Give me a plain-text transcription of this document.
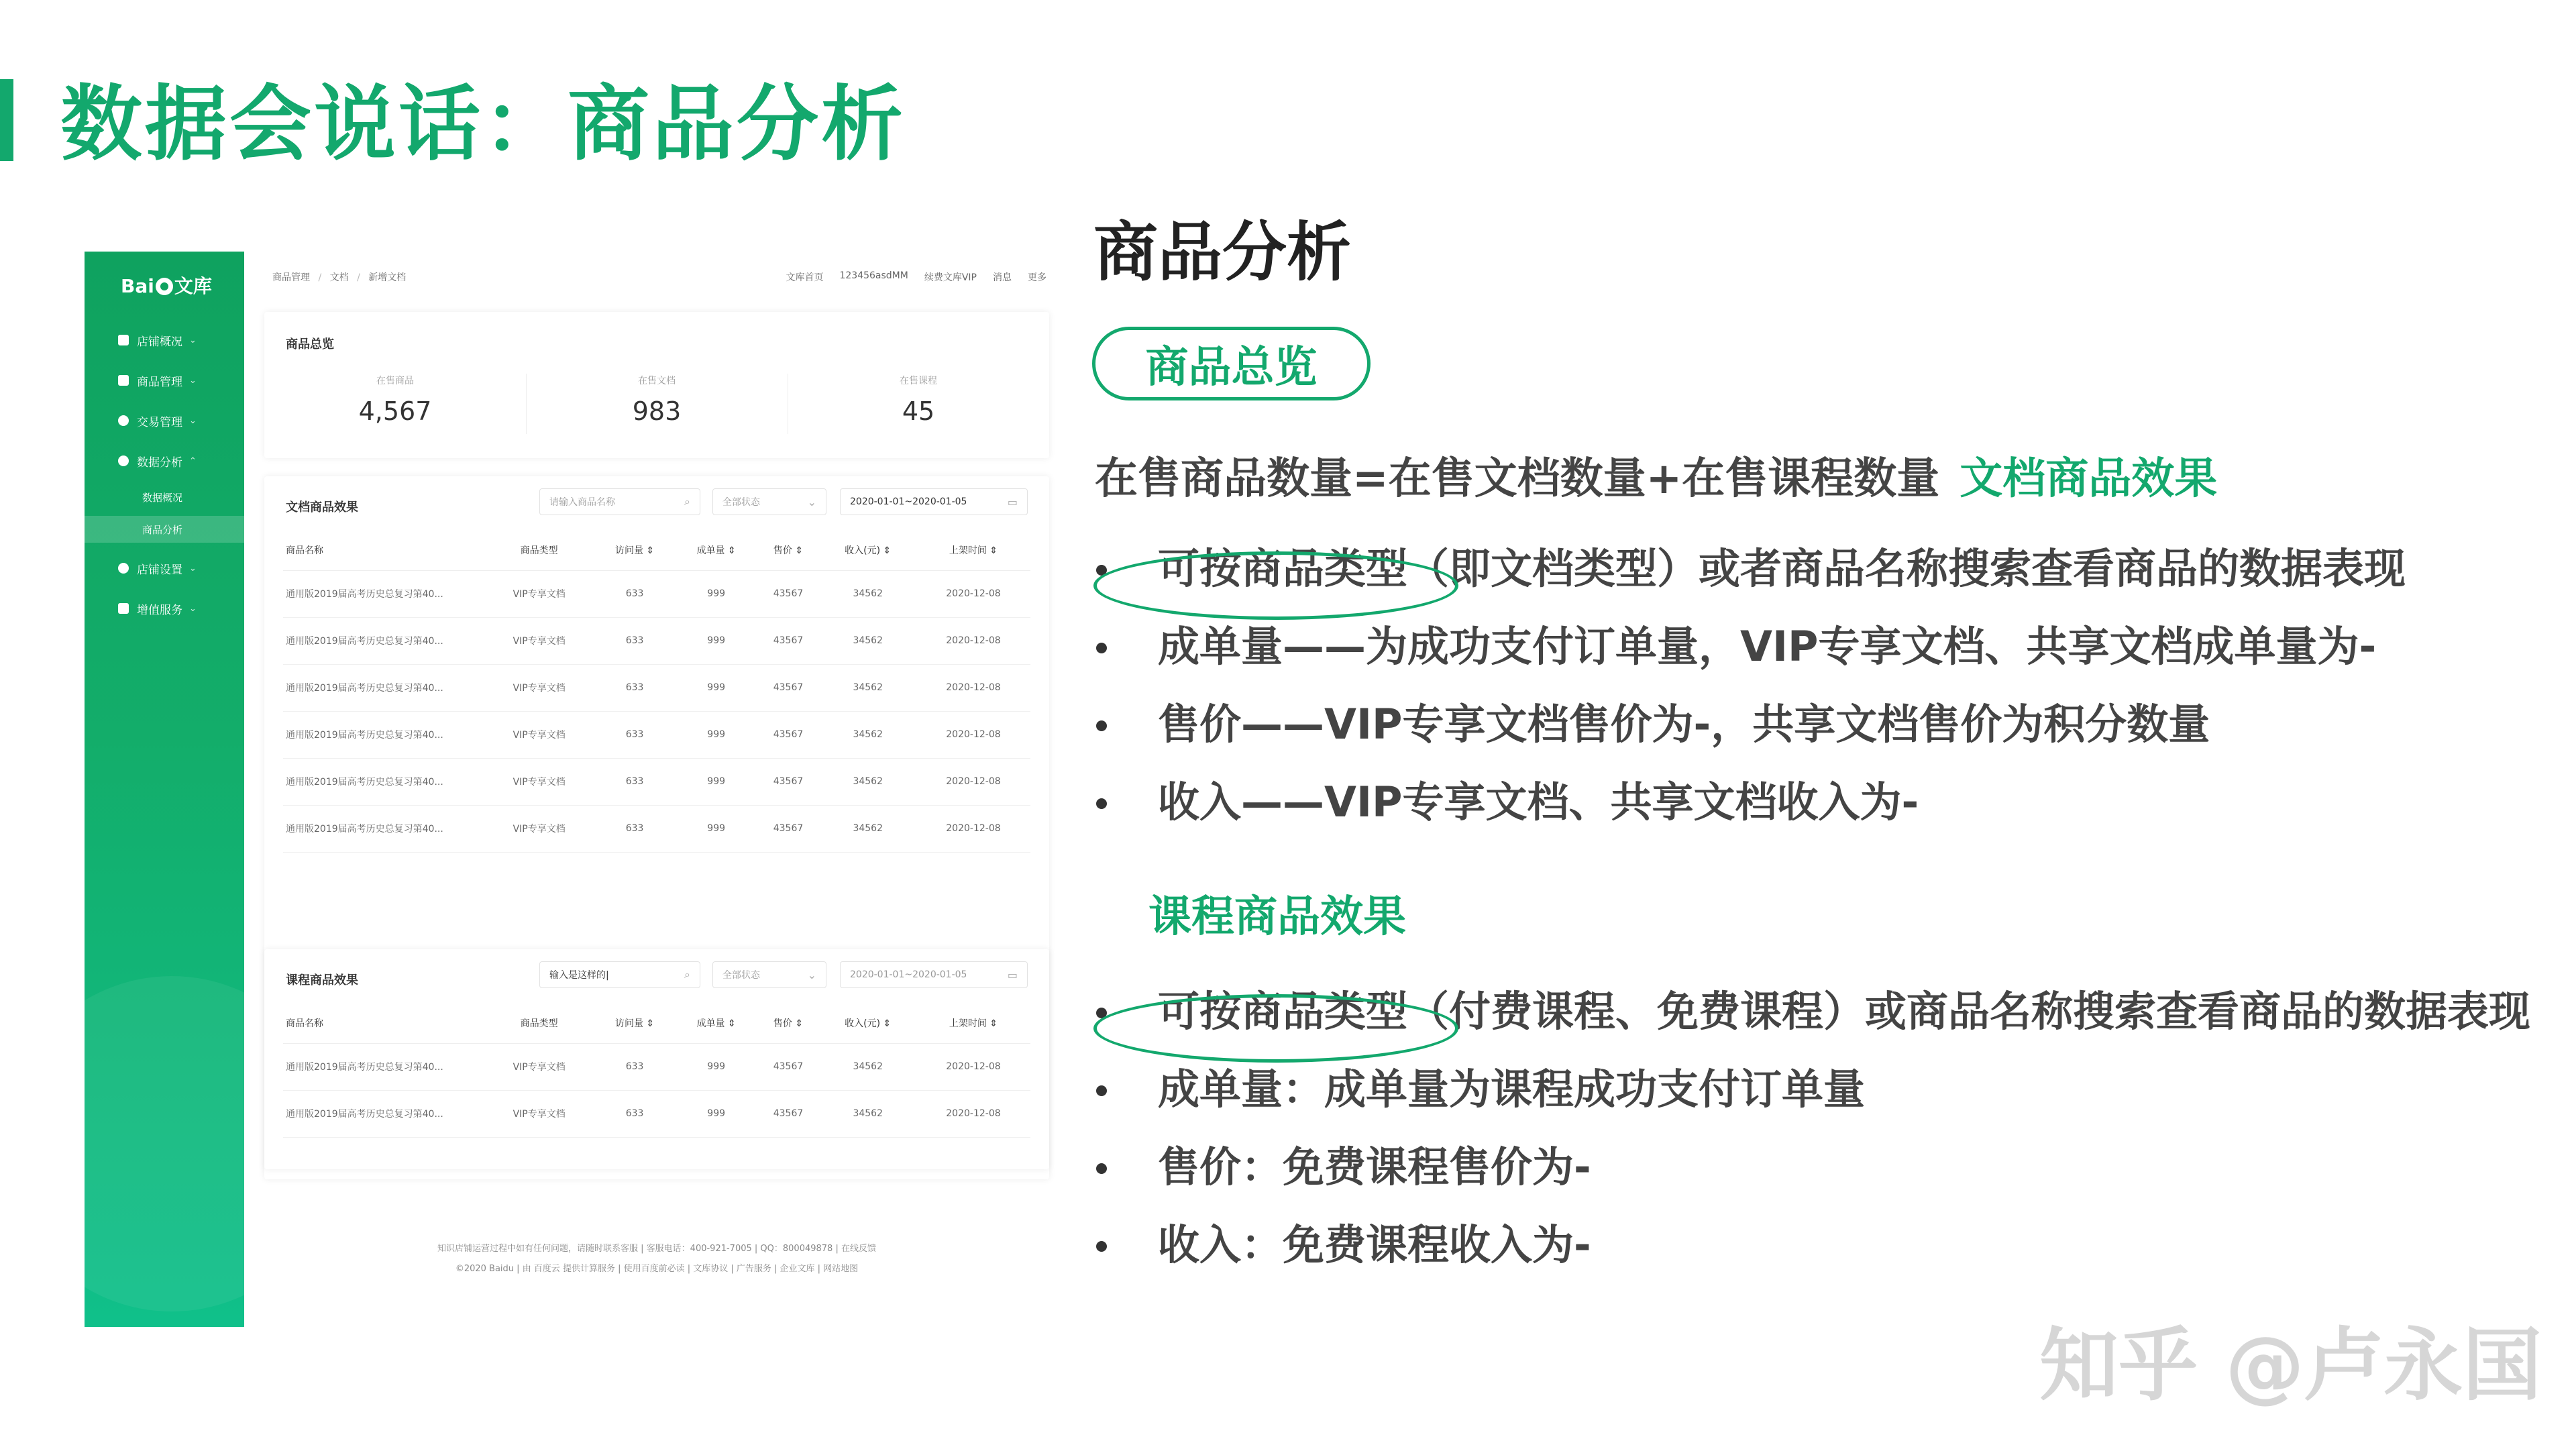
数据会说话：商品分析
Bai 文库
店铺概况 ⌄
商品管理 ⌄
交易管理 ⌄
数据分析 ⌃
数据概况
商品分析
店铺设置 ⌄
增值服务 ⌄
商品管理 / 文档 / 新增文档	文库首页 123456asdMM 续费文库VIP 消息 更多
商品总览
在售商品
4,567
在售文档
983
在售课程
45
文档商品效果	请输入商品名称	⌕	全部状态	⌄	2020-01-01~2020-01-05	▭
商品名称	商品类型	访问量 ⇕	成单量 ⇕	售价 ⇕	收入(元) ⇕	上架时间 ⇕
通用版2019届高考历史总复习第40...	VIP专享文档	633	999	43567	34562	2020-12-08
通用版2019届高考历史总复习第40...	VIP专享文档	633	999	43567	34562	2020-12-08
通用版2019届高考历史总复习第40...	VIP专享文档	633	999	43567	34562	2020-12-08
通用版2019届高考历史总复习第40...	VIP专享文档	633	999	43567	34562	2020-12-08
通用版2019届高考历史总复习第40...	VIP专享文档	633	999	43567	34562	2020-12-08
通用版2019届高考历史总复习第40...	VIP专享文档	633	999	43567	34562	2020-12-08
课程商品效果	输入是这样的|	⌕	全部状态	⌄	2020-01-01~2020-01-05	▭
商品名称	商品类型	访问量 ⇕	成单量 ⇕	售价 ⇕	收入(元) ⇕	上架时间 ⇕
通用版2019届高考历史总复习第40...	VIP专享文档	633	999	43567	34562	2020-12-08
通用版2019届高考历史总复习第40...	VIP专享文档	633	999	43567	34562	2020-12-08
知识店铺运营过程中如有任何问题，请随时联系客服 | 客服电话：400-921-7005 | QQ：800049878 | 在线反馈
©2020 Baidu | 由 百度云 提供计算服务 | 使用百度前必读 | 文库协议 | 广告服务 | 企业文库 | 网站地图
商品分析
商品总览
在售商品数量=在售文档数量+在售课程数量 文档商品效果
可按商品类型（即文档类型）或者商品名称搜索查看商品的数据表现
成单量——为成功支付订单量，VIP专享文档、共享文档成单量为-
售价——VIP专享文档售价为-，共享文档售价为积分数量
收入——VIP专享文档、共享文档收入为-
课程商品效果
可按商品类型（付费课程、免费课程）或商品名称搜索查看商品的数据表现
成单量：成单量为课程成功支付订单量
售价：免费课程售价为-
收入：免费课程收入为-
知乎 @卢永国
